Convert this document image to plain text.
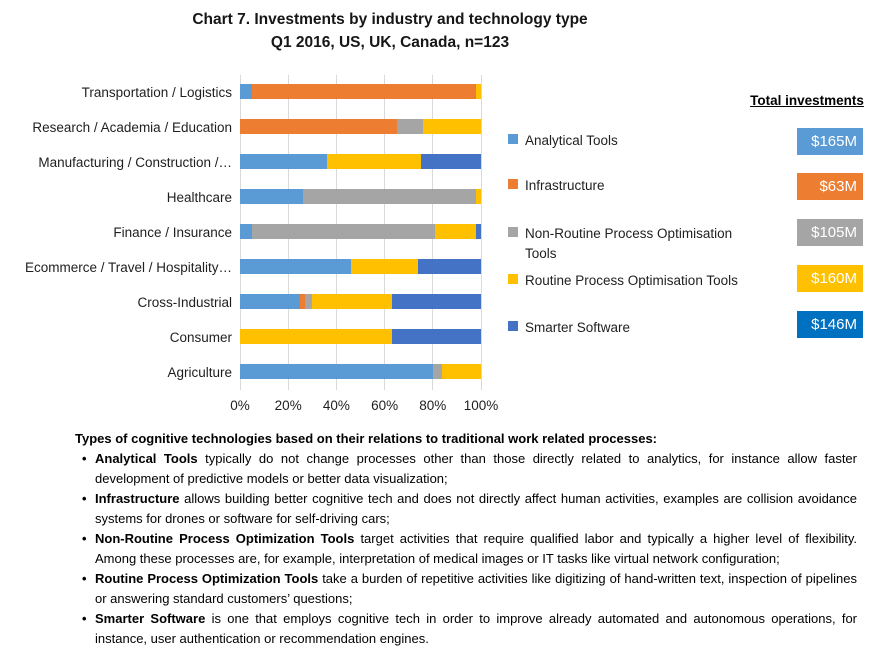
Chart 7. Investments by industry and technology type
Q1 2016, US, UK, Canada, n=123
Transportation / Logistics
Research / Academia / Education
Manufacturing / Construction /…
Healthcare
Finance / Insurance
Ecommerce / Travel / Hospitality…
Cross-Industrial
Consumer
Agriculture
0% 20% 40% 60% 80% 100%
Analytical Tools
Infrastructure
Non-Routine Process Optimisation Tools
Routine Process Optimisation Tools
Smarter Software
Total investments
$165M
$63M
$105M
$160M
$146M
Types of cognitive technologies based on their relations to traditional work related processes:
• Analytical Tools typically do not change processes other than those directly related to analytics, for instance allow faster development of predictive models or better data visualization;
• Infrastructure allows building better cognitive tech and does not directly affect human activities, examples are collision avoidance systems for drones or software for self-driving cars;
• Non-Routine Process Optimization Tools target activities that require qualified labor and typically a higher level of flexibility. Among these processes are, for example, interpretation of medical images or IT tasks like virtual network configuration;
• Routine Process Optimization Tools take a burden of repetitive activities like digitizing of hand-written text, inspection of pipelines or answering standard customers’ questions;
• Smarter Software is one that employs cognitive tech in order to improve already automated and autonomous operations, for instance, user authentication or recommendation engines.
